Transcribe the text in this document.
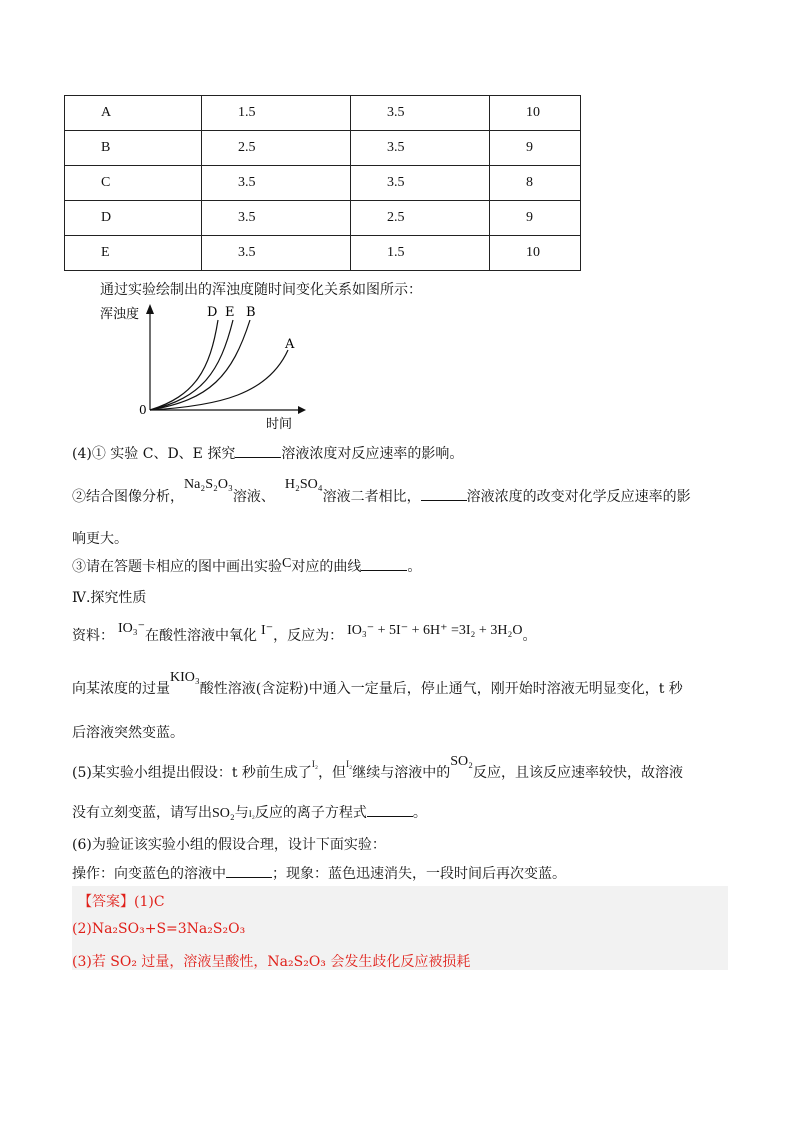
A	1.5	3.5	10
B	2.5	3.5	9
C	3.5	3.5	8
D	3.5	2.5	9
E	3.5	1.5	10
通过实验绘制出的浑浊度随时间变化关系如图所示：
浑浊度
时间
0
D E B
A
(4)① 实验 C、D、E 探究	溶液浓度对反应速率的影响。
②结合图像分析，Na₂S₂O₃溶液、H₂SO₄溶液二者相比，	溶液浓度的改变对化学反应速率的影
响更大。
③请在答题卡相应的图中画出实验C对应的曲线	。
Ⅳ.探究性质
资料： IO₃⁻在酸性溶液中氧化 I⁻，反应为： IO₃⁻ + 5I⁻ + 6H⁺ =3I₂ + 3H₂O。
向某浓度的过量KIO₃酸性溶液(含淀粉)中通入一定量后，停止通气，刚开始时溶液无明显变化，t 秒
后溶液突然变蓝。
(5)某实验小组提出假设：t 秒前生成了$^{I_2}$，但$^{I_2}$继续与溶液中的SO₂反应，且该反应速率较快，故溶液
没有立刻变蓝，请写出SO₂与I₂反应的离子方程式	。
(6)为验证该实验小组的假设合理，设计下面实验：
操作：向变蓝色的溶液中	；现象：蓝色迅速消失，一段时间后再次变蓝。
【答案】(1)C
(2)Na₂SO₃+S=3Na₂S₂O₃
(3)若 SO₂ 过量，溶液呈酸性，Na₂S₂O₃ 会发生歧化反应被损耗
